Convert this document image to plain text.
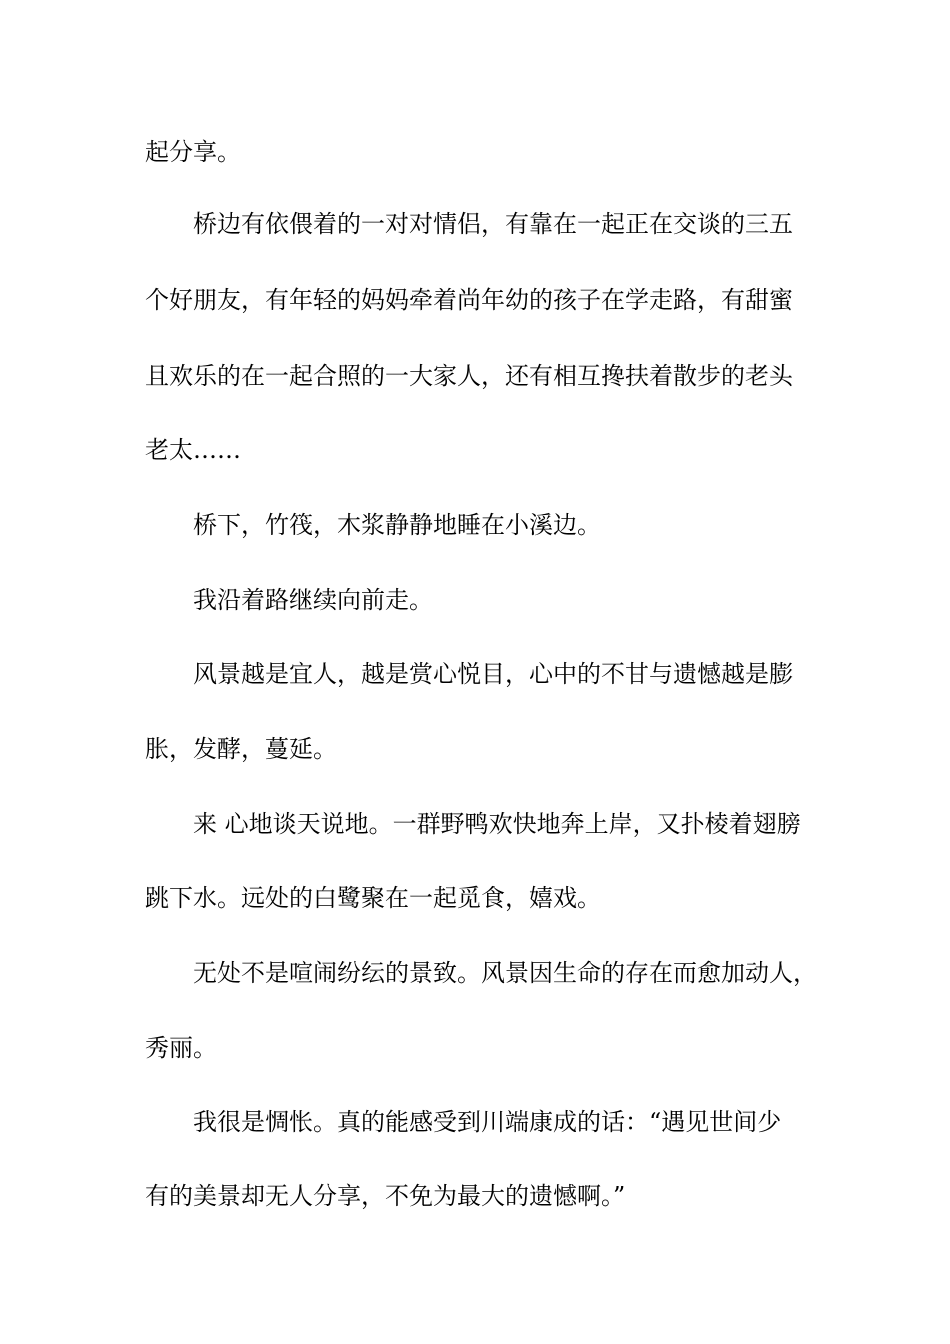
起分享。
桥边有依偎着的一对对情侣，有靠在一起正在交谈的三五
个好朋友，有年轻的妈妈牵着尚年幼的孩子在学走路，有甜蜜
且欢乐的在一起合照的一大家人，还有相互搀扶着散步的老头
老太……
桥下，竹筏，木浆静静地睡在小溪边。
我沿着路继续向前走。
风景越是宜人，越是赏心悦目，心中的不甘与遗憾越是膨
胀，发酵，蔓延。
来 心地谈天说地。一群野鸭欢快地奔上岸，又扑棱着翅膀
跳下水。远处的白鹭聚在一起觅食，嬉戏。
无处不是喧闹纷纭的景致。风景因生命的存在而愈加动人，
秀丽。
我很是惆怅。真的能感受到川端康成的话：“遇见世间少
有的美景却无人分享，不免为最大的遗憾啊。”
